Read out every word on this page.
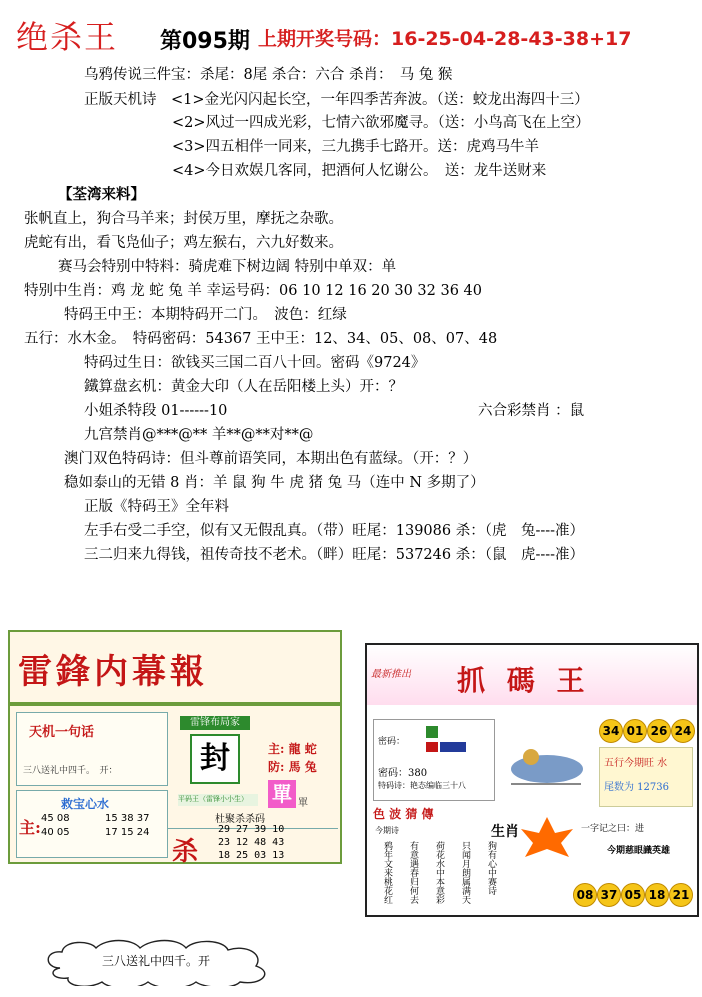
绝杀王 第095期 上期开奖号码：16-25-04-28-43-38+17
乌鸦传说三件宝：杀尾：8尾 杀合：六合 杀肖：　马 兔 猴
正版天机诗　<1>金光闪闪起长空，一年四季苦奔波。（送：蛟龙出海四十三）
<2>风过一四成光彩，七情六欲邪魔寻。（送：小鸟高飞在上空）
<3>四五相伴一同来，三九携手七路开。送：虎鸡马牛羊
<4>今日欢娱几客同，把酒何人忆谢公。　送：龙牛送财来
【荃湾来料】
张帆直上，狗合马羊来；封侯万里，摩抚之杂歌。
虎蛇有出，看飞凫仙子；鸡左猴右，六九好数来。
赛马会特别中特料：骑虎难下树边阔 特别中单双：单
特别中生肖：鸡 龙 蛇 兔 羊 幸运号码：06 10 12 16 20 30 32 36 40
特码王中王：本期特码开二门。　波色：红绿
五行：水木金。　特码密码：54367 王中王：12、34、05、08、07、48
特码过生日：欲钱买三国二百八十回。密码《9724》
鐵算盘玄机：黄金大印（人在岳阳楼上头）开：？
小姐杀特段 01------10	六合彩禁肖 ：鼠
九宫禁肖@***@** 羊**@**对**@
澳门双色特码诗：但斗尊前语笑同，本期出色有蓝绿。（开：？）
稳如泰山的无错 8 肖：羊 鼠 狗 牛 虎 猪 兔 马（连中 N 多期了）
正版《特码王》全年料
左手右受二手空，似有又无假乱真。（带）旺尾：139086 杀：（虎　兔----准）
三二归来九得钱，祖传奇技不老术。（畔）旺尾：537246 杀：（鼠　虎----准）
雷鋒内幕報
天机一句话
三八送礼中四千。　开：
救宝心水
主: 45 08
40 05
15 38 37
17 15 24
雷锋布局家
封
平码王（雷锋小小生）
主: 龍 蛇
防: 馬 兔
單 單
杀
杜聚杀杀码
29 27 39 10
23 12 48 43
18 25 03 13
最新推出 抓 碼 王
34 01 26 24
密码：
密码：380
特码诗：艳态编临三十八
五行今期旺 水
尾数为 12736
色 波 猜 傳
今期诗
鸦年文来桃花红 有意遇春归何去 荷花水中本意彩 只闻月朗属满天 狗有心中赛诗
生肖	一字记之曰：进
今期慈眼識英雄
08 37 05 18 21
三八送礼中四千。开
